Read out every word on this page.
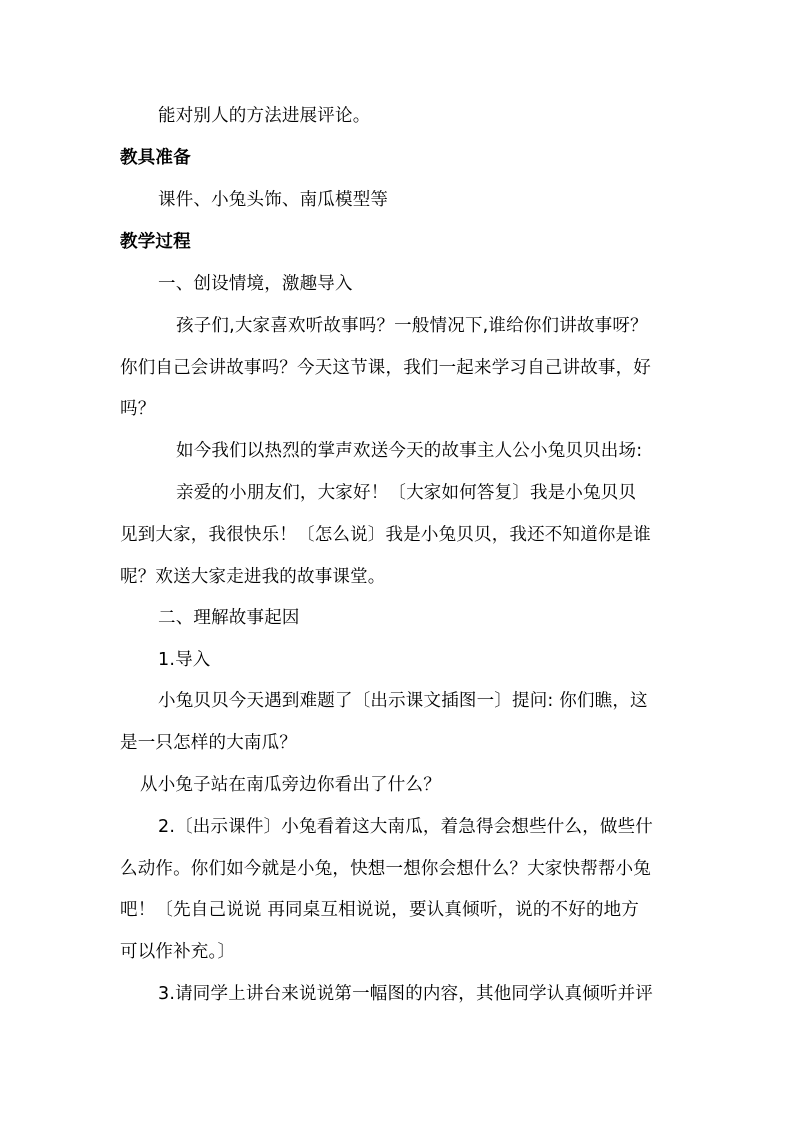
能对别人的方法进展评论。
教具准备
课件、小兔头饰、南瓜模型等
教学过程
一、创设情境，激趣导入
孩子们,大家喜欢听故事吗？一般情况下,谁给你们讲故事呀？
你们自己会讲故事吗？今天这节课，我们一起来学习自己讲故事，好
吗？
如今我们以热烈的掌声欢送今天的故事主人公小兔贝贝出场:
亲爱的小朋友们，大家好！〔大家如何答复〕我是小兔贝贝
见到大家，我很快乐！〔怎么说〕我是小兔贝贝，我还不知道你是谁
呢？欢送大家走进我的故事课堂。
二、理解故事起因
1.导入
小兔贝贝今天遇到难题了〔出示课文插图一〕提问: 你们瞧，这
是一只怎样的大南瓜？
从小兔子站在南瓜旁边你看出了什么？
2.〔出示课件〕小兔看着这大南瓜，着急得会想些什么，做些什
么动作。你们如今就是小兔，快想一想你会想什么？大家快帮帮小兔
吧！〔先自己说说 再同桌互相说说，要认真倾听，说的不好的地方
可以作补充。〕
3.请同学上讲台来说说第一幅图的内容，其他同学认真倾听并评
